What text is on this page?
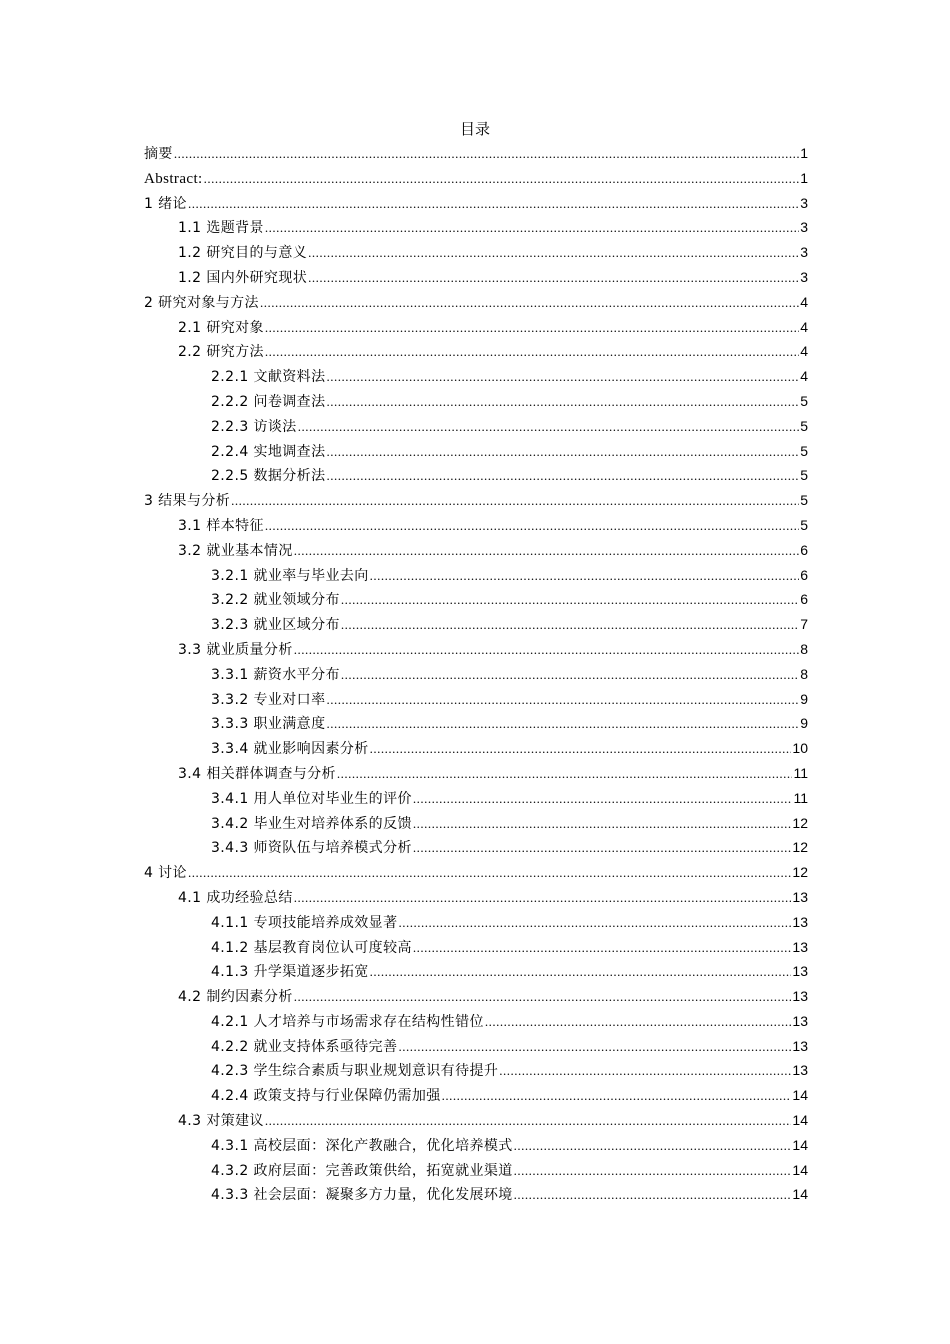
目录
摘要 .....	1
Abstract: .....	1
1 绪论 .....	3
1.1 选题背景 .....	3
1.2 研究目的与意义 .....	3
1.2 国内外研究现状 .....	3
2 研究对象与方法 .....	4
2.1 研究对象 .....	4
2.2 研究方法 .....	4
2.2.1 文献资料法 .....	4
2.2.2 问卷调查法 .....	5
2.2.3 访谈法 .....	5
2.2.4 实地调查法 .....	5
2.2.5 数据分析法 .....	5
3 结果与分析 .....	5
3.1 样本特征 .....	5
3.2 就业基本情况 .....	6
3.2.1 就业率与毕业去向 .....	6
3.2.2 就业领域分布 .....	6
3.2.3 就业区域分布 .....	7
3.3 就业质量分析 .....	8
3.3.1 薪资水平分布 .....	8
3.3.2 专业对口率 .....	9
3.3.3 职业满意度 .....	9
3.3.4 就业影响因素分析 .....	10
3.4 相关群体调查与分析 .....	11
3.4.1 用人单位对毕业生的评价 .....	11
3.4.2 毕业生对培养体系的反馈 .....	12
3.4.3 师资队伍与培养模式分析 .....	12
4 讨论 .....	12
4.1 成功经验总结 .....	13
4.1.1 专项技能培养成效显著 .....	13
4.1.2 基层教育岗位认可度较高 .....	13
4.1.3 升学渠道逐步拓宽 .....	13
4.2 制约因素分析 .....	13
4.2.1 人才培养与市场需求存在结构性错位 .....	13
4.2.2 就业支持体系亟待完善 .....	13
4.2.3 学生综合素质与职业规划意识有待提升 .....	13
4.2.4 政策支持与行业保障仍需加强 .....	14
4.3 对策建议 .....	14
4.3.1 高校层面：深化产教融合，优化培养模式 .....	14
4.3.2 政府层面：完善政策供给，拓宽就业渠道 .....	14
4.3.3 社会层面：凝聚多方力量，优化发展环境 .....	14
